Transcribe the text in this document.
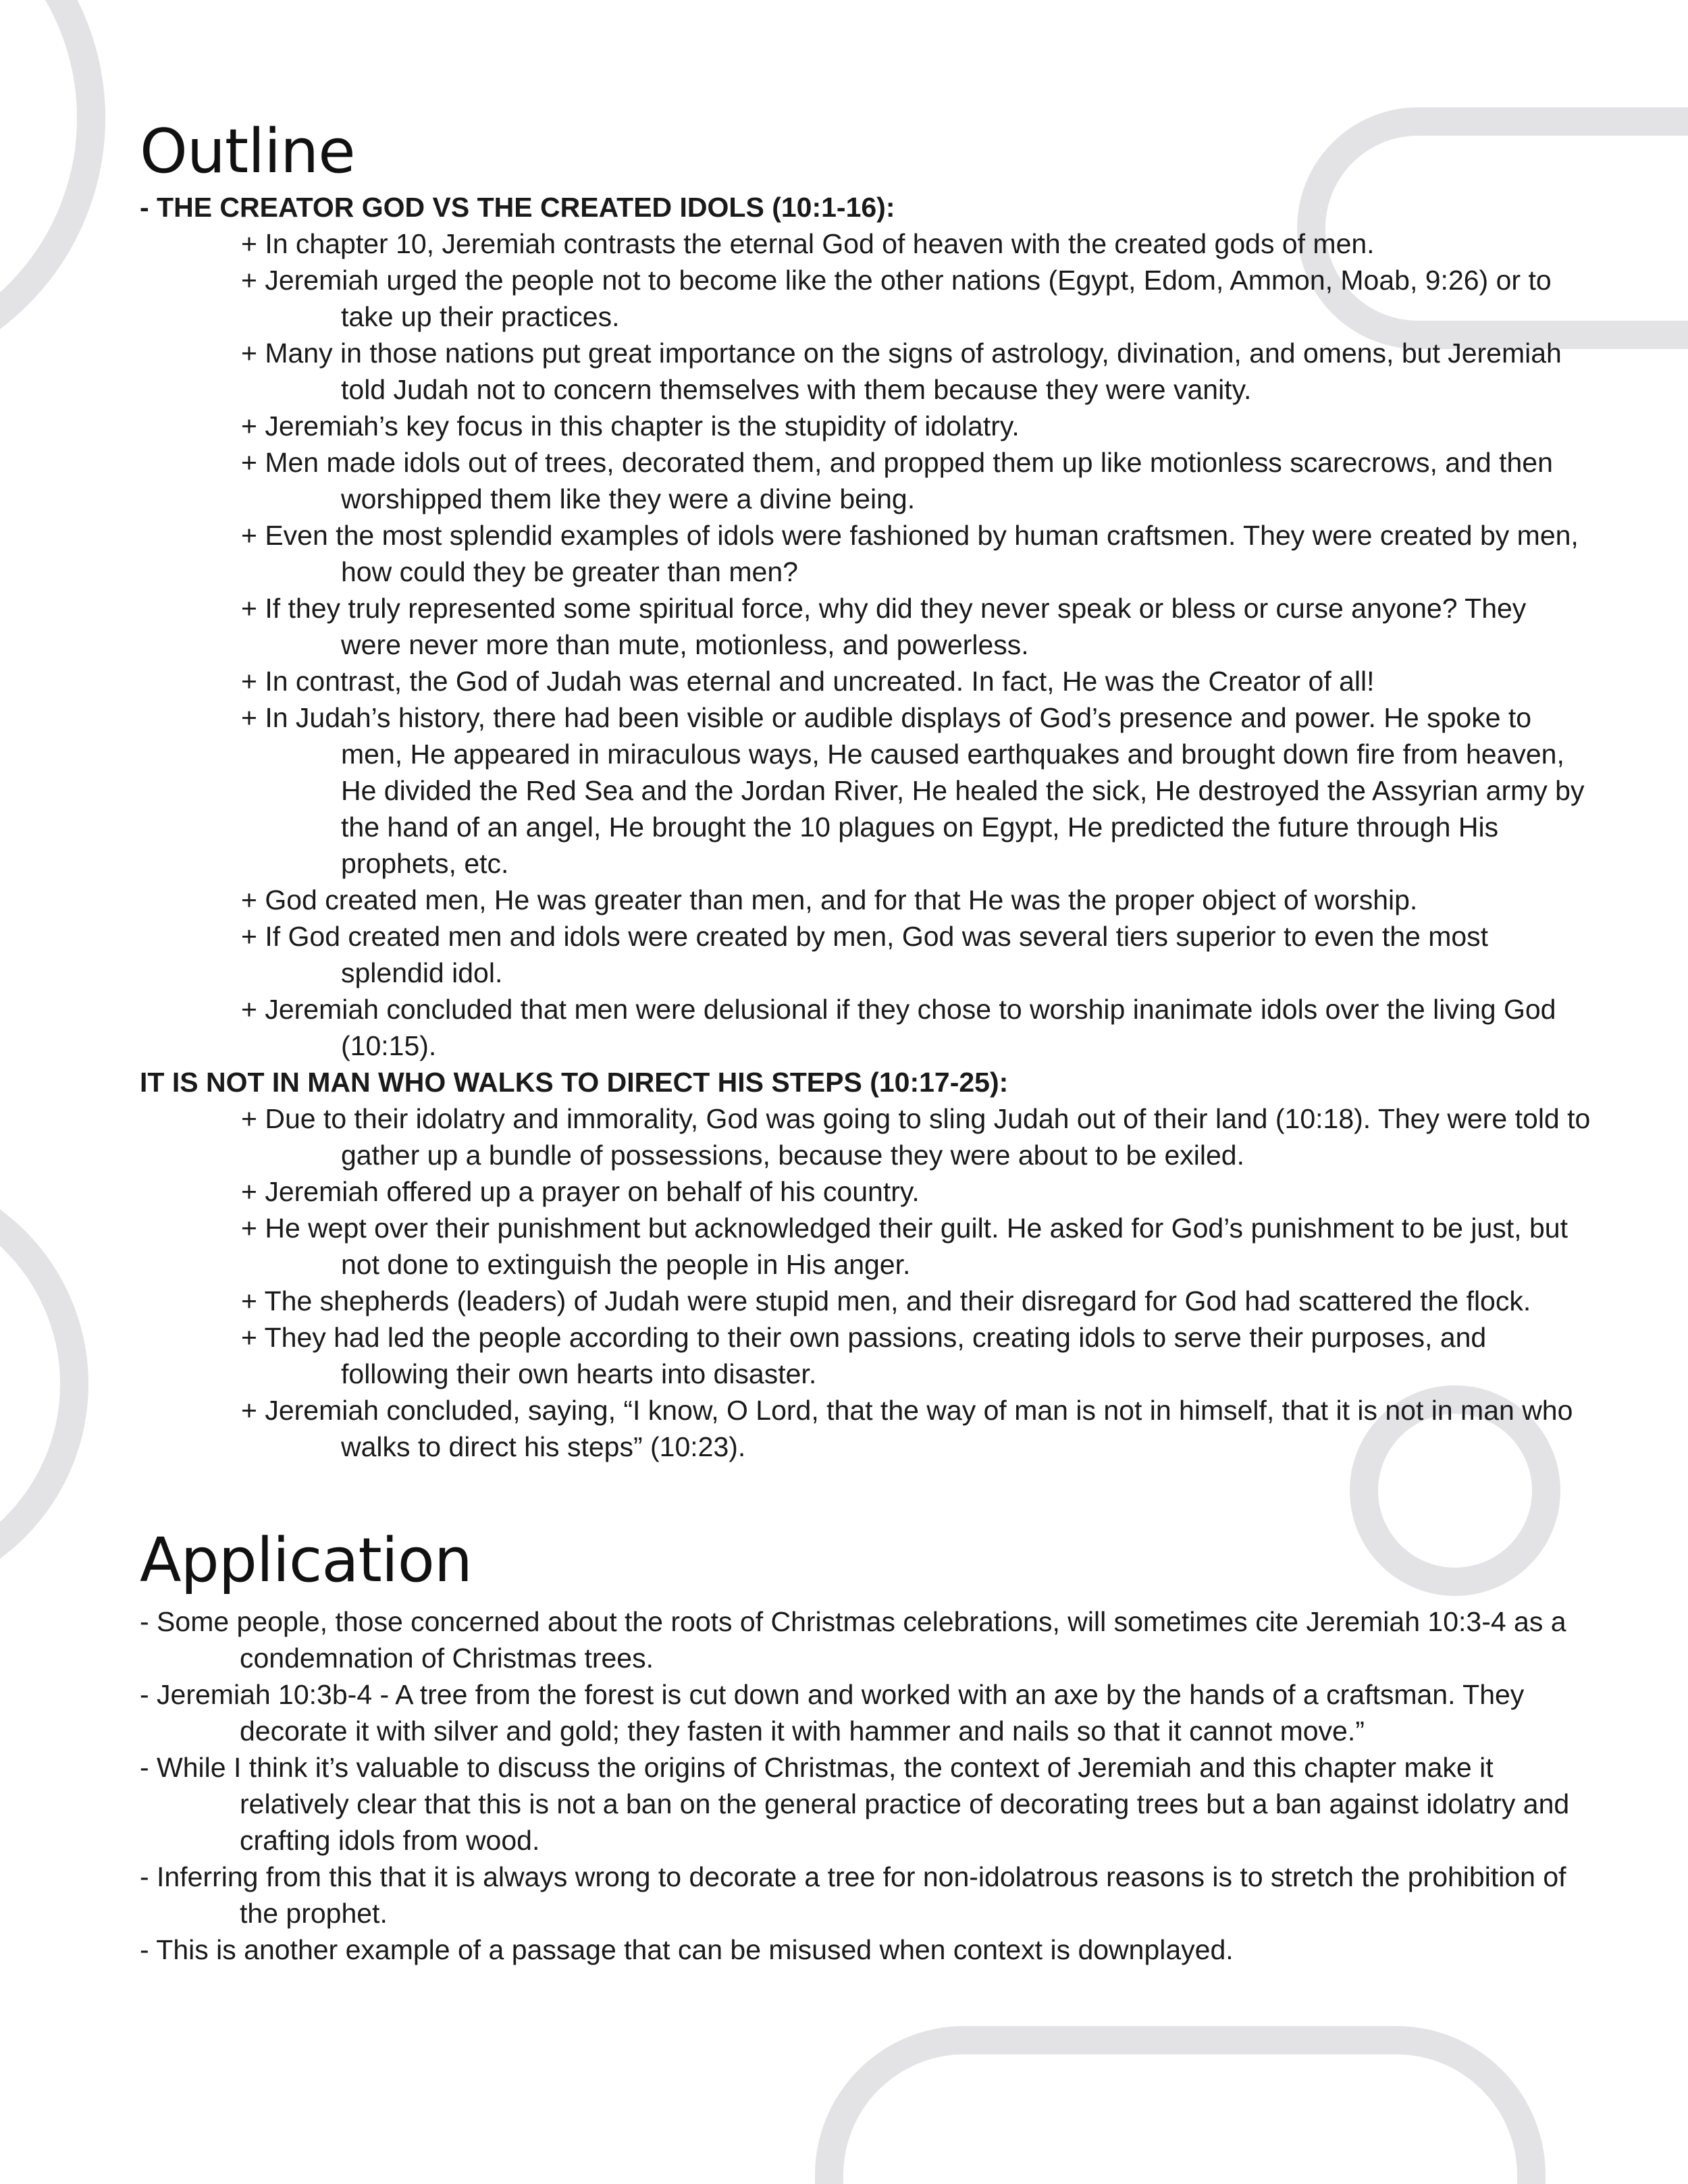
Outline

- THE CREATOR GOD VS THE CREATED IDOLS (10:1-16):

+ In chapter 10, Jeremiah contrasts the eternal God of heaven with the created gods of men.

+ Jeremiah urged the people not to become like the other nations (Egypt, Edom, Ammon, Moab, 9:26) or to take up their practices.

+ Many in those nations put great importance on the signs of astrology, divination, and omens, but Jeremiah told Judah not to concern themselves with them because they were vanity.

+ Jeremiah’s key focus in this chapter is the stupidity of idolatry.

+ Men made idols out of trees, decorated them, and propped them up like motionless scarecrows, and then worshipped them like they were a divine being.

+ Even the most splendid examples of idols were fashioned by human craftsmen. They were created by men, how could they be greater than men?

+ If they truly represented some spiritual force, why did they never speak or bless or curse anyone? They were never more than mute, motionless, and powerless.

+ In contrast, the God of Judah was eternal and uncreated. In fact, He was the Creator of all!

+ In Judah’s history, there had been visible or audible displays of God’s presence and power. He spoke to men, He appeared in miraculous ways, He caused earthquakes and brought down fire from heaven, He divided the Red Sea and the Jordan River, He healed the sick, He destroyed the Assyrian army by the hand of an angel, He brought the 10 plagues on Egypt, He predicted the future through His prophets, etc.

+ God created men, He was greater than men, and for that He was the proper object of worship.

+ If God created men and idols were created by men, God was several tiers superior to even the most splendid idol.

+ Jeremiah concluded that men were delusional if they chose to worship inanimate idols over the living God (10:15).

IT IS NOT IN MAN WHO WALKS TO DIRECT HIS STEPS (10:17-25):

+ Due to their idolatry and immorality, God was going to sling Judah out of their land (10:18). They were told to gather up a bundle of possessions, because they were about to be exiled.

+ Jeremiah offered up a prayer on behalf of his country.

+ He wept over their punishment but acknowledged their guilt. He asked for God’s punishment to be just, but not done to extinguish the people in His anger.

+ The shepherds (leaders) of Judah were stupid men, and their disregard for God had scattered the flock.

+ They had led the people according to their own passions, creating idols to serve their purposes, and following their own hearts into disaster.

+ Jeremiah concluded, saying, “I know, O Lord, that the way of man is not in himself, that it is not in man who walks to direct his steps” (10:23).

Application

- Some people, those concerned about the roots of Christmas celebrations, will sometimes cite Jeremiah 10:3-4 as a condemnation of Christmas trees.

- Jeremiah 10:3b-4 - A tree from the forest is cut down and worked with an axe by the hands of a craftsman. They decorate it with silver and gold; they fasten it with hammer and nails so that it cannot move.”

- While I think it’s valuable to discuss the origins of Christmas, the context of Jeremiah and this chapter make it relatively clear that this is not a ban on the general practice of decorating trees but a ban against idolatry and crafting idols from wood.

- Inferring from this that it is always wrong to decorate a tree for non-idolatrous reasons is to stretch the prohibition of the prophet.

- This is another example of a passage that can be misused when context is downplayed.
